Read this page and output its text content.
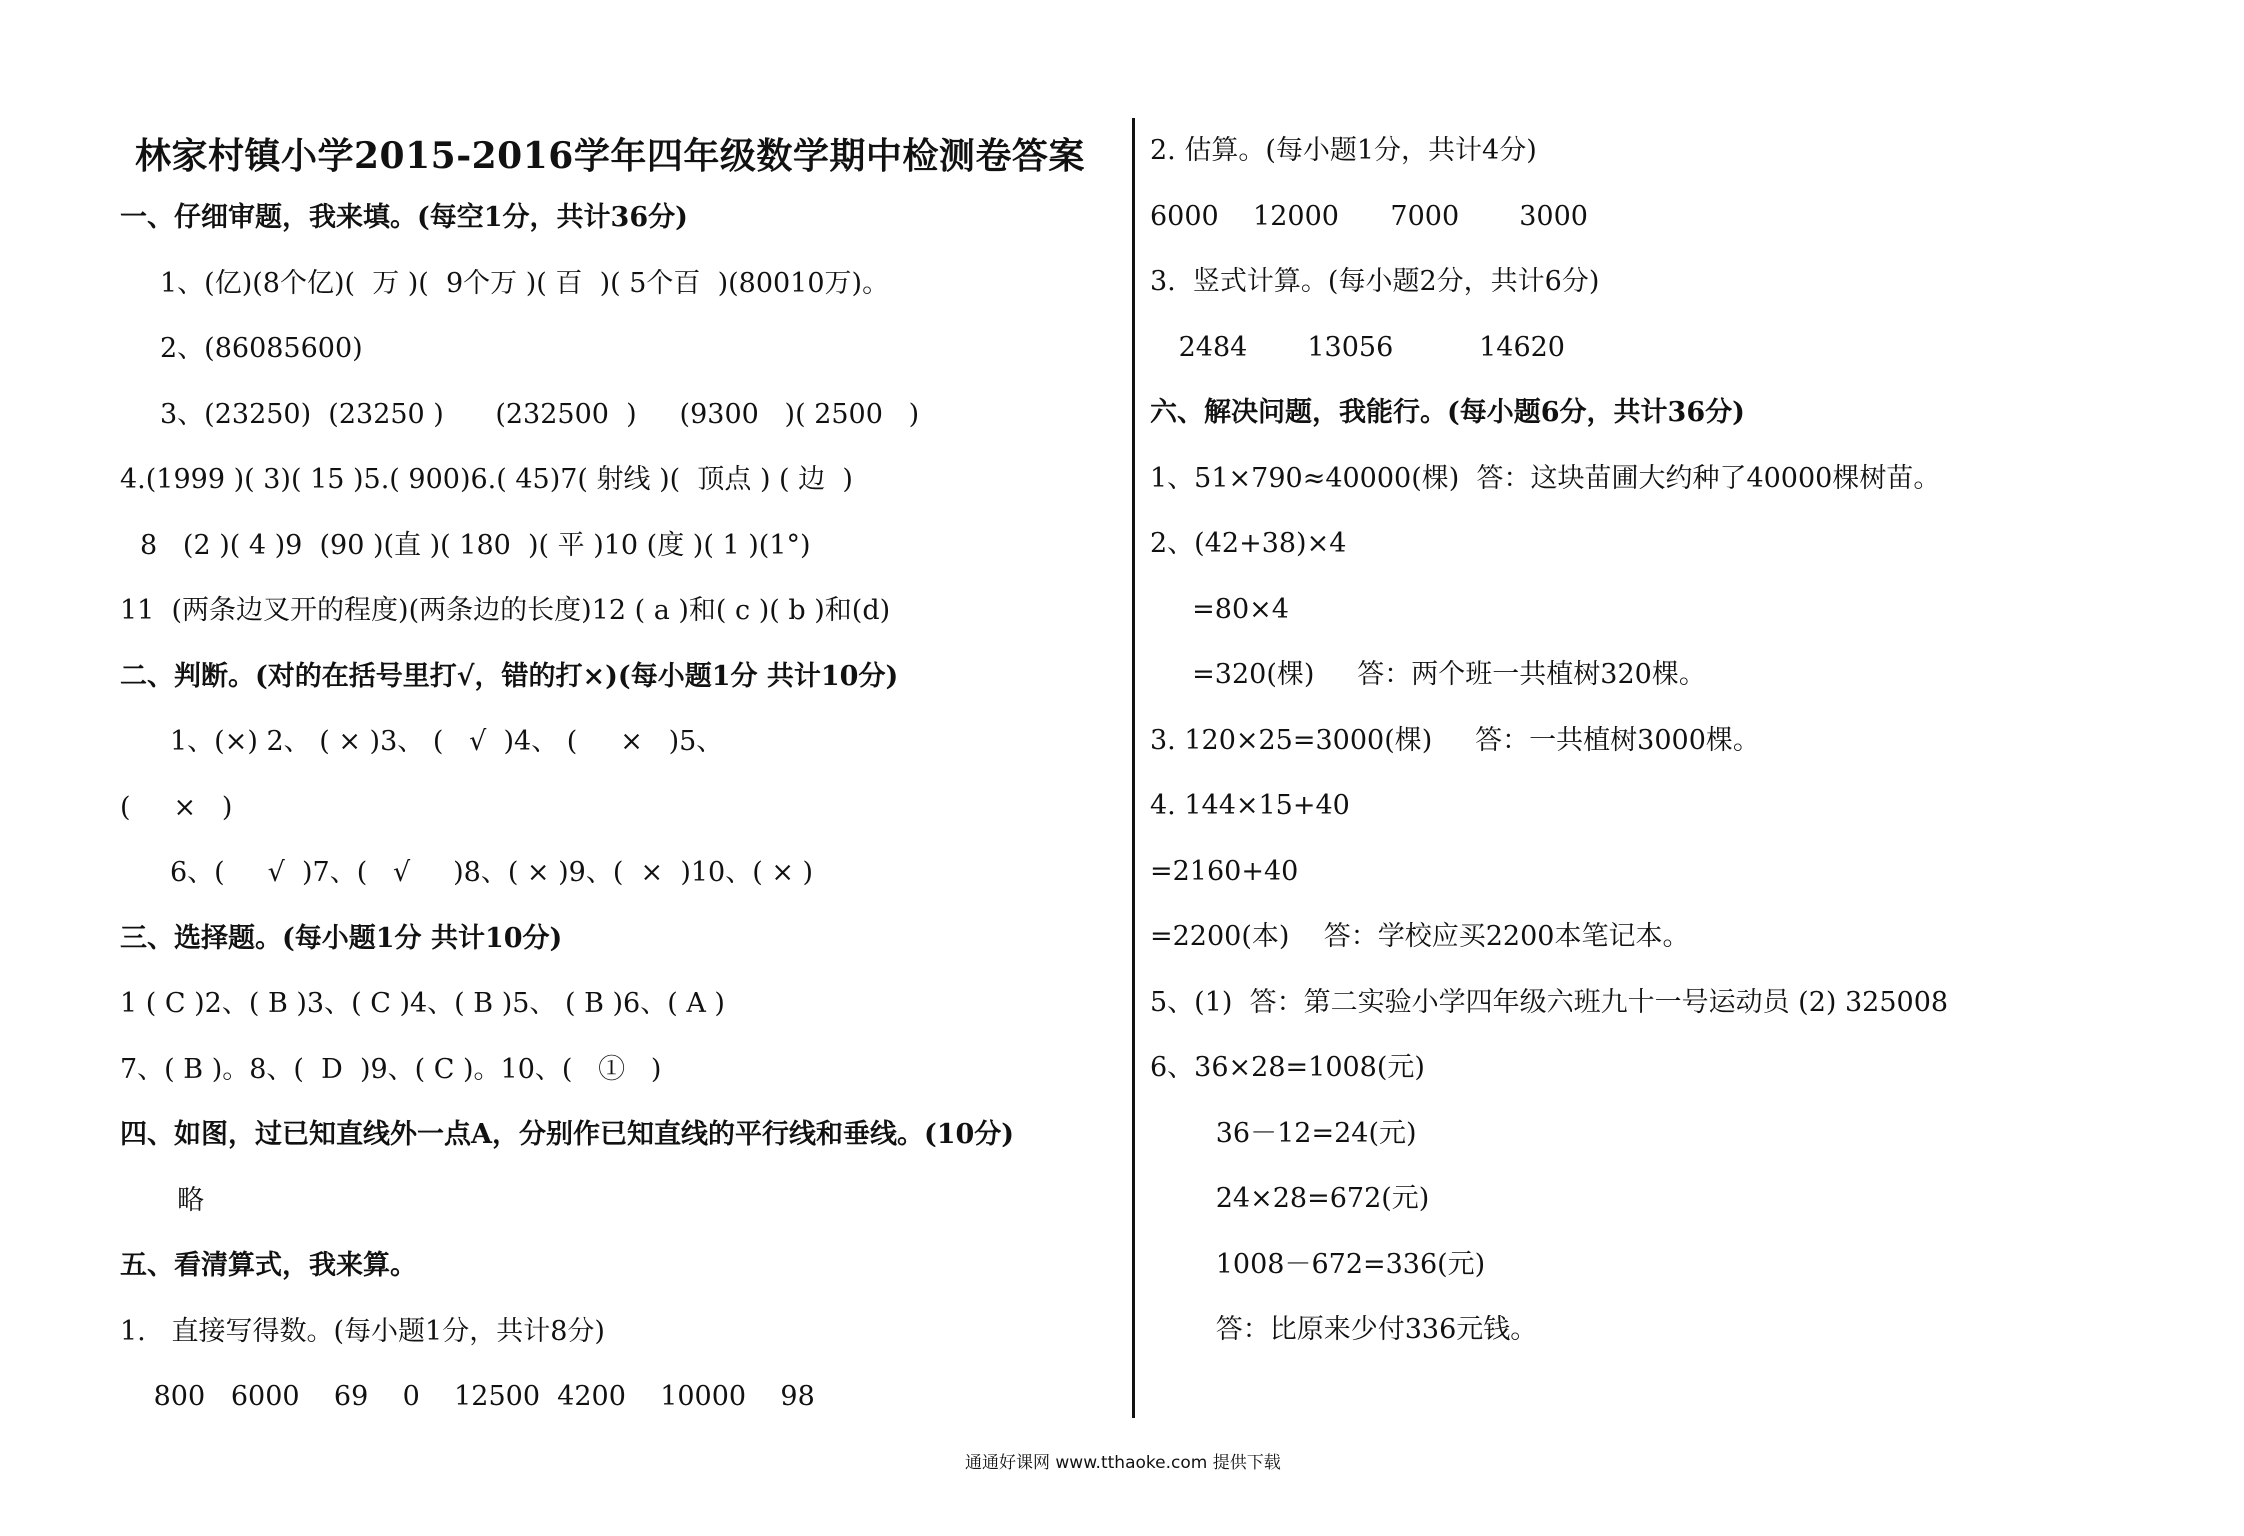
林家村镇小学2015-2016学年四年级数学期中检测卷答案
一、仔细审题，我来填。(每空1分，共计36分)
1、(亿)(8个亿)(  万 )(  9个万 )( 百  )( 5个百  )(80010万)。
2、(86085600)
3、(23250)  (23250 )      (232500  )     (9300   )( 2500   )
4.(1999 )( 3)( 15 )5.( 900)6.( 45)7( 射线 )(  顶点 ) ( 边  )
8   (2 )( 4 )9  (90 )(直 )( 180  )( 平 )10 (度 )( 1 )(1°)
11  (两条边叉开的程度)(两条边的长度)12 ( a )和( c )( b )和(d)
二、判断。(对的在括号里打√，错的打×)(每小题1分 共计10分)
1、(×) 2、 ( × )3、 (   √  )4、 (     ×   )5、
(     ×   )
6、(     √  )7、(   √     )8、( × )9、(  ×  )10、( × )
三、选择题。(每小题1分 共计10分)
1 ( C )2、( B )3、( C )4、( B )5、 ( B )6、( A )
7、( B )。8、(  D  )9、( C )。10、(   ①   )
四、如图，过已知直线外一点A，分别作已知直线的平行线和垂线。(10分)
略
五、看清算式，我来算。
1.   直接写得数。(每小题1分，共计8分)
800   6000    69    0    12500  4200    10000    98
2. 估算。(每小题1分，共计4分)
6000    12000      7000       3000
3.  竖式计算。(每小题2分，共计6分)
2484       13056          14620
六、解决问题，我能行。(每小题6分，共计36分)
1、51×790≈40000(棵)  答：这块苗圃大约种了40000棵树苗。
2、(42+38)×4
=80×4
=320(棵)     答：两个班一共植树320棵。
3. 120×25=3000(棵)     答：一共植树3000棵。
4. 144×15+40
=2160+40
=2200(本)    答：学校应买2200本笔记本。
5、(1)  答：第二实验小学四年级六班九十一号运动员 (2) 325008
6、36×28=1008(元)
36－12=24(元)
24×28=672(元)
1008－672=336(元)
答：比原来少付336元钱。
通通好课网 www.tthaoke.com 提供下载
